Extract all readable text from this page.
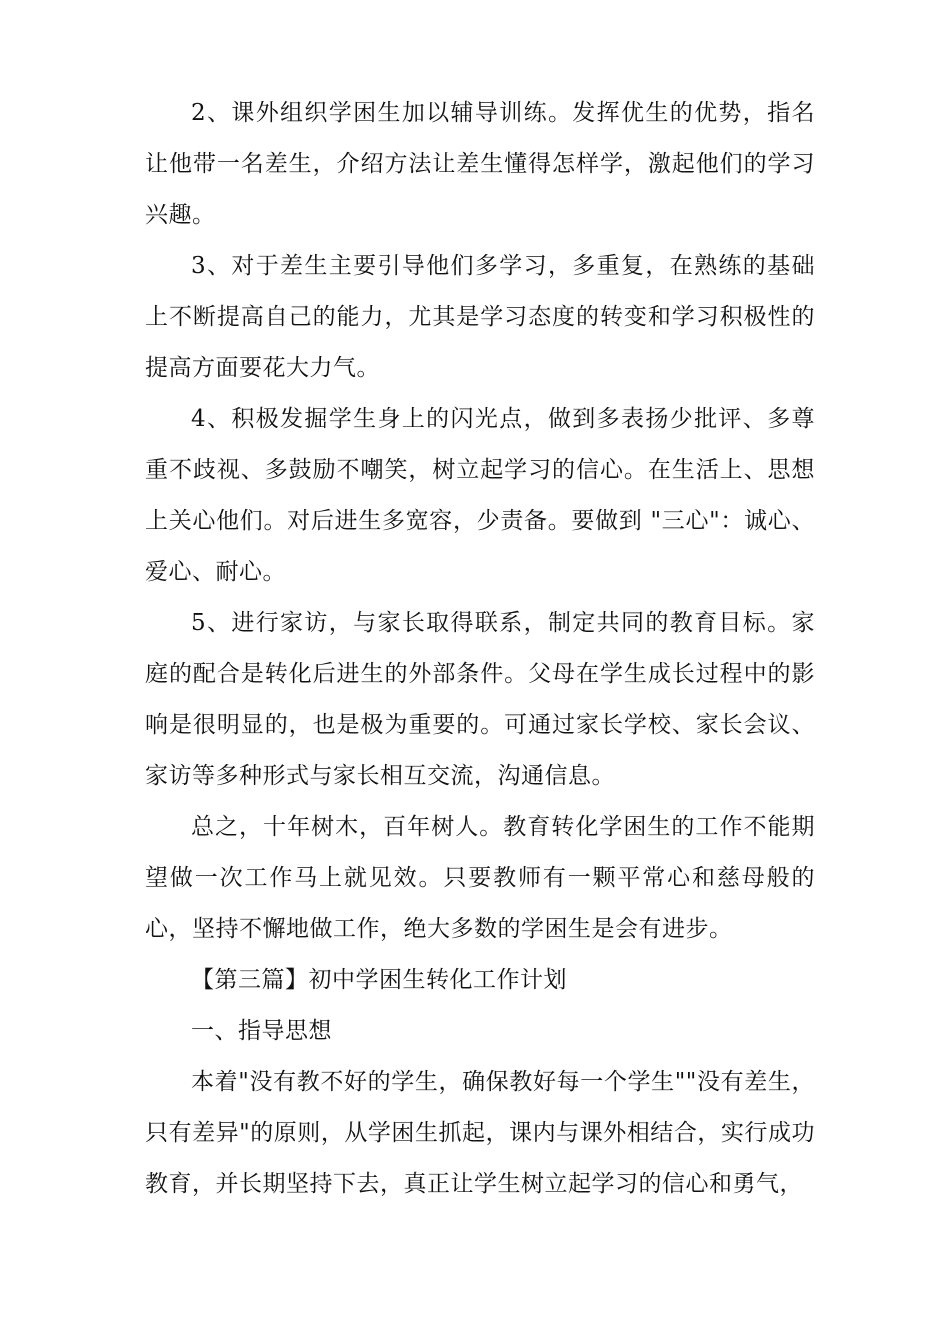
2、课外组织学困生加以辅导训练。发挥优生的优势，指名让他带一名差生，介绍方法让差生懂得怎样学，激起他们的学习兴趣。

3、对于差生主要引导他们多学习，多重复，在熟练的基础上不断提高自己的能力，尤其是学习态度的转变和学习积极性的提高方面要花大力气。

4、积极发掘学生身上的闪光点，做到多表扬少批评、多尊重不歧视、多鼓励不嘲笑，树立起学习的信心。在生活上、思想上关心他们。对后进生多宽容，少责备。要做到 "三心"：诚心、爱心、耐心。

5、进行家访，与家长取得联系，制定共同的教育目标。家庭的配合是转化后进生的外部条件。父母在学生成长过程中的影响是很明显的，也是极为重要的。可通过家长学校、家长会议、家访等多种形式与家长相互交流，沟通信息。

总之，十年树木，百年树人。教育转化学困生的工作不能期望做一次工作马上就见效。只要教师有一颗平常心和慈母般的心，坚持不懈地做工作，绝大多数的学困生是会有进步。

【第三篇】初中学困生转化工作计划

一、指导思想

本着"没有教不好的学生，确保教好每一个学生""没有差生，只有差异"的原则，从学困生抓起，课内与课外相结合，实行成功教育，并长期坚持下去，真正让学生树立起学习的信心和勇气，
